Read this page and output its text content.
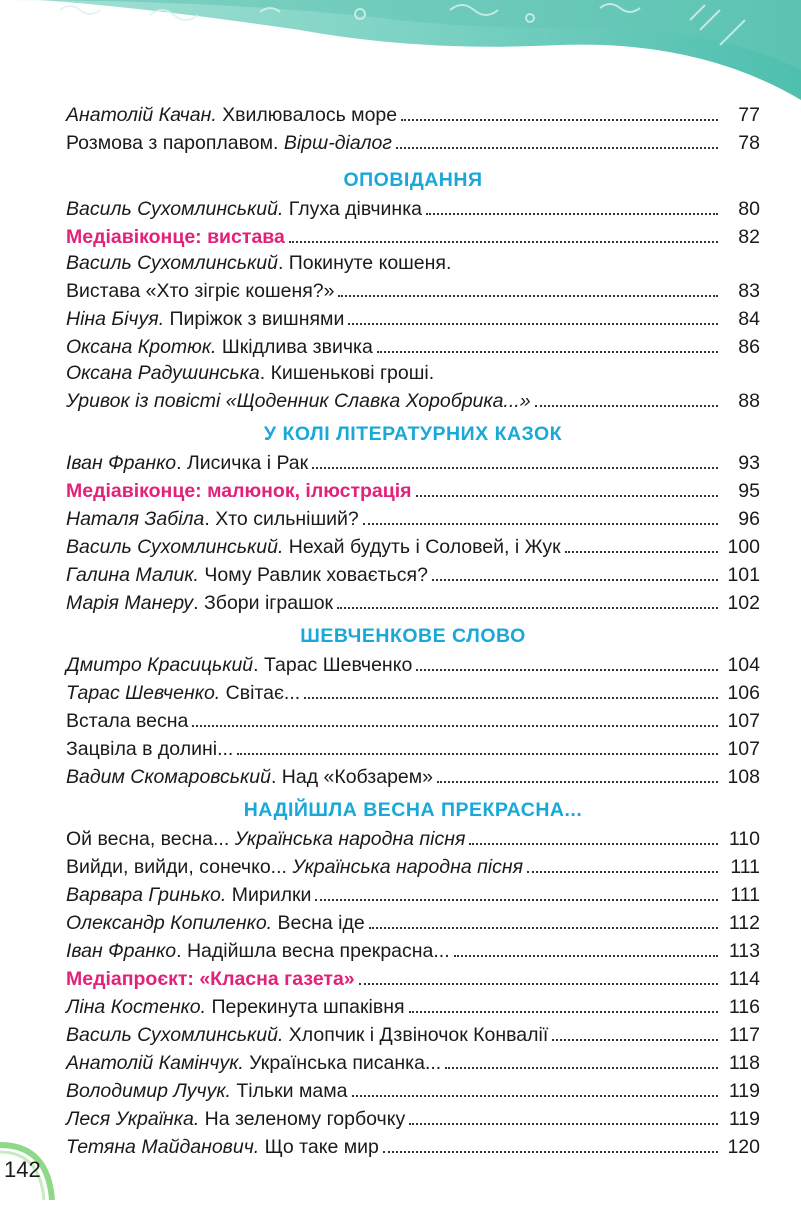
Анатолій Качан. Хвилювалось море	77
Розмова з пароплавом. Вірш-діалог	78
ОПОВІДАННЯ
Василь Сухомлинський. Глуха дівчинка	80
Медіавіконце: вистава	82
Василь Сухомлинський. Покинуте кошеня.
Вистава «Хто зігріє кошеня?»	83
Ніна Бічуя. Пиріжок з вишнями	84
Оксана Кротюк. Шкідлива звичка	86
Оксана Радушинська. Кишенькові гроші.
Уривок із повісті «Щоденник Славка Хоробрика...»	88
У КОЛІ ЛІТЕРАТУРНИХ КАЗОК
Іван Франко. Лисичка і Рак	93
Медіавіконце: малюнок, ілюстрація	95
Наталя Забіла. Хто сильніший?	96
Василь Сухомлинський. Нехай будуть і Соловей, і Жук	100
Галина Малик. Чому Равлик ховається?	101
Марія Манеру. Збори іграшок	102
ШЕВЧЕНКОВЕ СЛОВО
Дмитро Красицький. Тарас Шевченко	104
Тарас Шевченко. Світає...	106
Встала весна	107
Зацвіла в долині...	107
Вадим Скомаровський. Над «Кобзарем»	108
НАДІЙШЛА ВЕСНА ПРЕКРАСНА...
Ой весна, весна... Українська народна пісня	110
Вийди, вийди, сонечко... Українська народна пісня	111
Варвара Гринько. Мирилки	111
Олександр Копиленко. Весна іде	112
Іван Франко. Надійшла весна прекрасна...	113
Медіапроєкт: «Класна газета»	114
Ліна Костенко. Перекинута шпаківня	116
Василь Сухомлинський. Хлопчик і Дзвіночок Конвалії	117
Анатолій Камінчук. Українська писанка...	118
Володимир Лучук. Тільки мама	119
Леся Українка. На зеленому горбочку	119
Тетяна Майданович. Що таке мир	120
142
